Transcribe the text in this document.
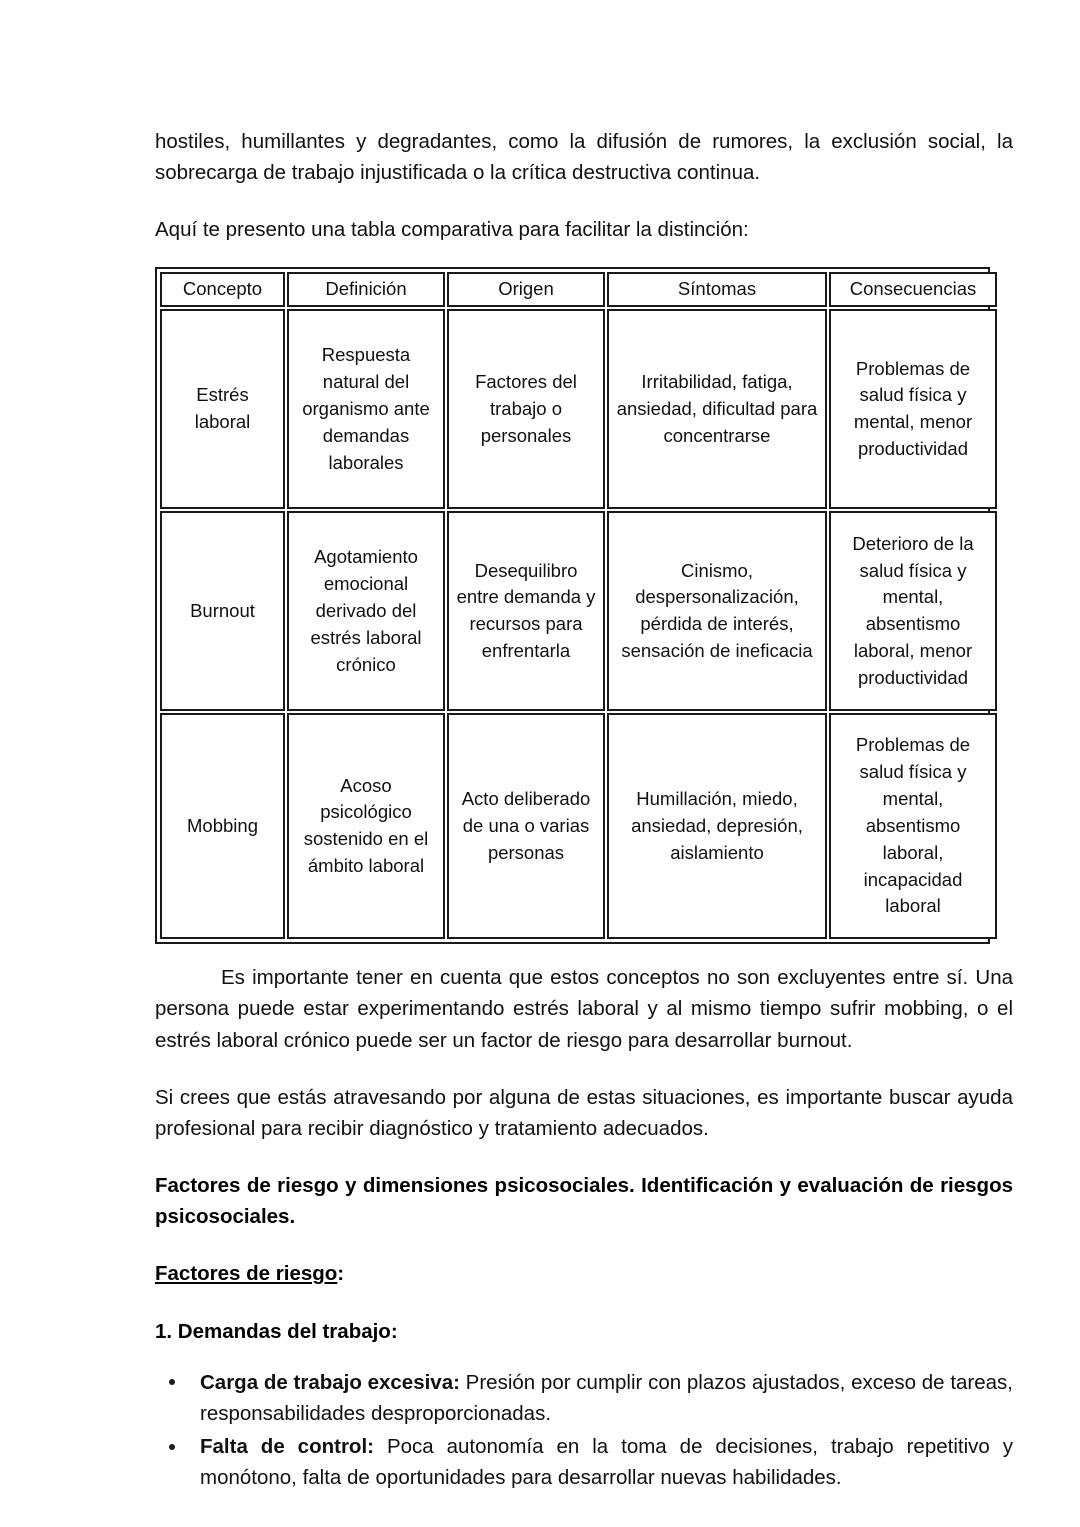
hostiles, humillantes y degradantes, como la difusión de rumores, la exclusión social, la sobrecarga de trabajo injustificada o la crítica destructiva continua.

Aquí te presento una tabla comparativa para facilitar la distinción:

Concepto	Definición	Origen	Síntomas	Consecuencias
Estrés laboral	Respuesta natural del organismo ante demandas laborales	Factores del trabajo o personales	Irritabilidad, fatiga, ansiedad, dificultad para concentrarse	Problemas de salud física y mental, menor productividad
Burnout	Agotamiento emocional derivado del estrés laboral crónico	Desequilibro entre demanda y recursos para enfrentarla	Cinismo, despersonalización, pérdida de interés, sensación de ineficacia	Deterioro de la salud física y mental, absentismo laboral, menor productividad
Mobbing	Acoso psicológico sostenido en el ámbito laboral	Acto deliberado de una o varias personas	Humillación, miedo, ansiedad, depresión, aislamiento	Problemas de salud física y mental, absentismo laboral, incapacidad laboral

Es importante tener en cuenta que estos conceptos no son excluyentes entre sí. Una persona puede estar experimentando estrés laboral y al mismo tiempo sufrir mobbing, o el estrés laboral crónico puede ser un factor de riesgo para desarrollar burnout.

Si crees que estás atravesando por alguna de estas situaciones, es importante buscar ayuda profesional para recibir diagnóstico y tratamiento adecuados.

Factores de riesgo y dimensiones psicosociales. Identificación y evaluación de riesgos psicosociales.
Factores de riesgo:
1. Demandas del trabajo:
Carga de trabajo excesiva: Presión por cumplir con plazos ajustados, exceso de tareas, responsabilidades desproporcionadas.
Falta de control: Poca autonomía en la toma de decisiones, trabajo repetitivo y monótono, falta de oportunidades para desarrollar nuevas habilidades.
